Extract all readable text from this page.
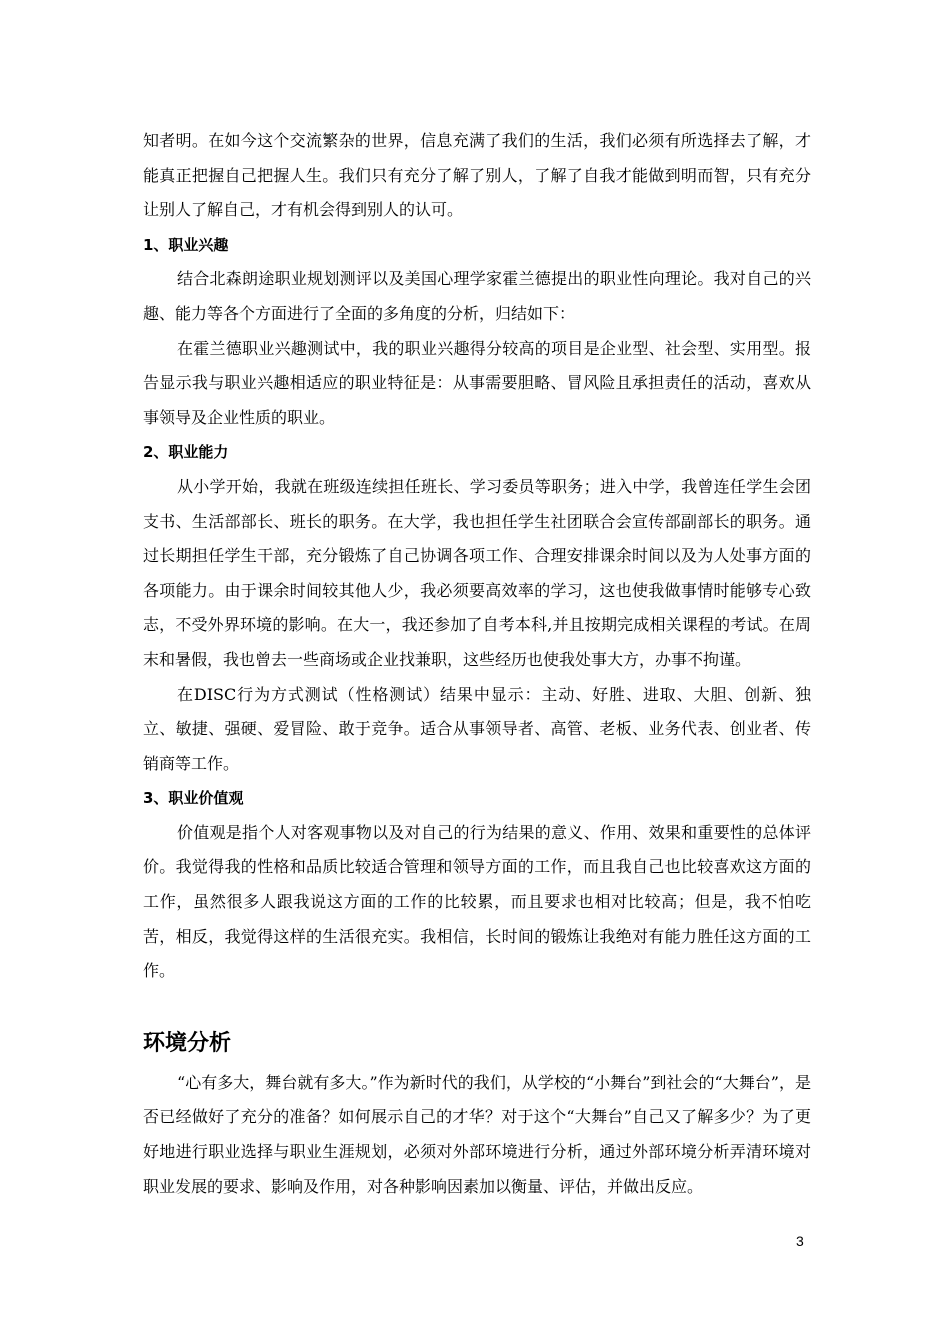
知者明。在如今这个交流繁杂的世界，信息充满了我们的生活，我们必须有所选择去了解，才能真正把握自己把握人生。我们只有充分了解了别人，了解了自我才能做到明而智，只有充分让别人了解自己，才有机会得到别人的认可。

1、职业兴趣

结合北森朗途职业规划测评以及美国心理学家霍兰德提出的职业性向理论。我对自己的兴趣、能力等各个方面进行了全面的多角度的分析，归结如下：

在霍兰德职业兴趣测试中，我的职业兴趣得分较高的项目是企业型、社会型、实用型。报告显示我与职业兴趣相适应的职业特征是：从事需要胆略、冒风险且承担责任的活动，喜欢从事领导及企业性质的职业。

2、职业能力

从小学开始，我就在班级连续担任班长、学习委员等职务；进入中学，我曾连任学生会团支书、生活部部长、班长的职务。在大学，我也担任学生社团联合会宣传部副部长的职务。通过长期担任学生干部，充分锻炼了自己协调各项工作、合理安排课余时间以及为人处事方面的各项能力。由于课余时间较其他人少，我必须要高效率的学习，这也使我做事情时能够专心致志，不受外界环境的影响。在大一，我还参加了自考本科,并且按期完成相关课程的考试。在周末和暑假，我也曾去一些商场或企业找兼职，这些经历也使我处事大方，办事不拘谨。

在DISC行为方式测试（性格测试）结果中显示：主动、好胜、进取、大胆、创新、独立、敏捷、强硬、爱冒险、敢于竞争。适合从事领导者、高管、老板、业务代表、创业者、传销商等工作。

3、职业价值观

价值观是指个人对客观事物以及对自己的行为结果的意义、作用、效果和重要性的总体评价。我觉得我的性格和品质比较适合管理和领导方面的工作，而且我自己也比较喜欢这方面的工作，虽然很多人跟我说这方面的工作的比较累，而且要求也相对比较高；但是，我不怕吃苦，相反，我觉得这样的生活很充实。我相信，长时间的锻炼让我绝对有能力胜任这方面的工作。

环境分析

“心有多大，舞台就有多大。”作为新时代的我们，从学校的“小舞台”到社会的“大舞台”，是否已经做好了充分的准备？如何展示自己的才华？对于这个“大舞台”自己又了解多少？为了更好地进行职业选择与职业生涯规划，必须对外部环境进行分析，通过外部环境分析弄清环境对职业发展的要求、影响及作用，对各种影响因素加以衡量、评估，并做出反应。

3
